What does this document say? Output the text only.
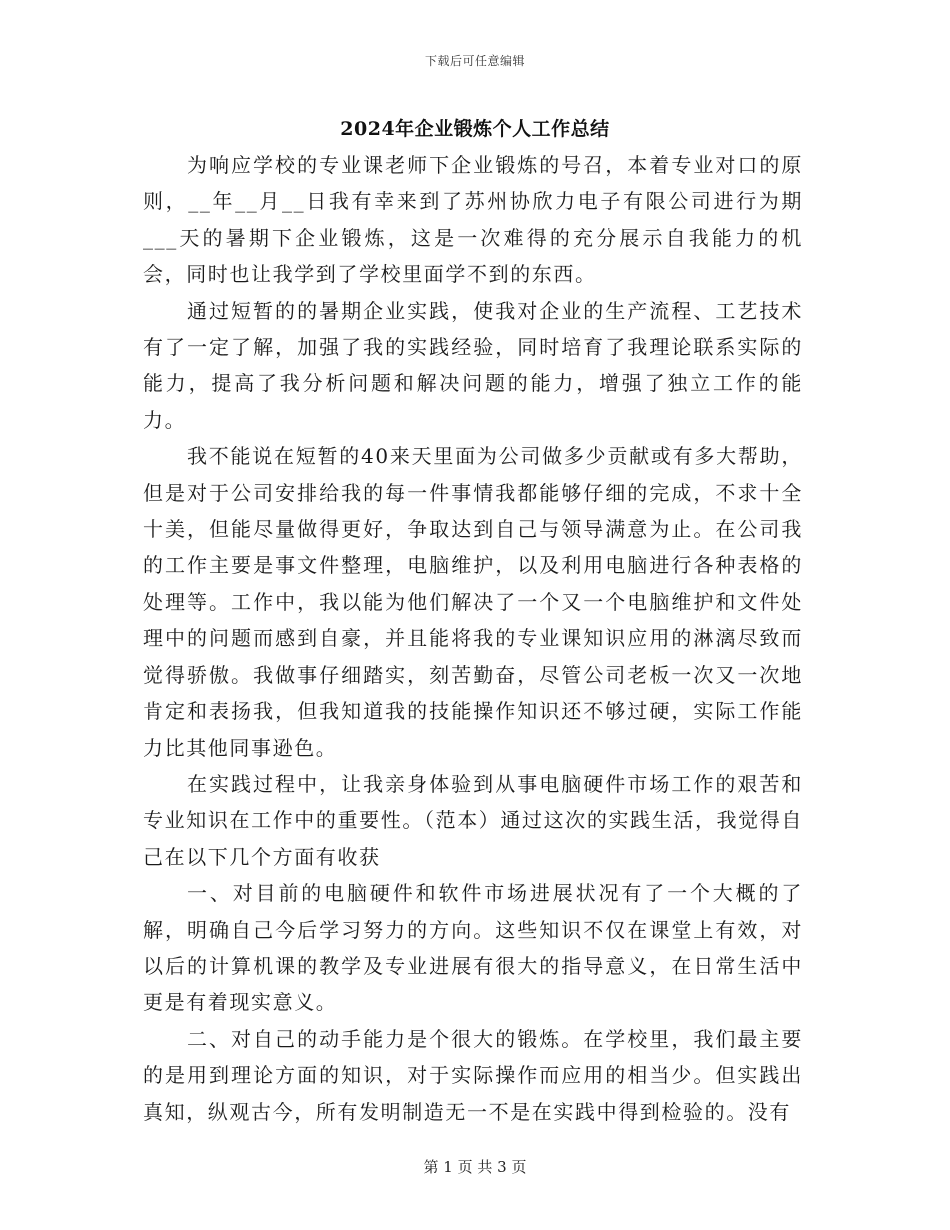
下载后可任意编辑
2024年企业锻炼个人工作总结

为响应学校的专业课老师下企业锻炼的号召，本着专业对口的原则，__年__月__日我有幸来到了苏州协欣力电子有限公司进行为期___天的暑期下企业锻炼，这是一次难得的充分展示自我能力的机会，同时也让我学到了学校里面学不到的东西。

通过短暂的的暑期企业实践，使我对企业的生产流程、工艺技术有了一定了解，加强了我的实践经验，同时培育了我理论联系实际的能力，提高了我分析问题和解决问题的能力，增强了独立工作的能力。

我不能说在短暂的40来天里面为公司做多少贡献或有多大帮助，但是对于公司安排给我的每一件事情我都能够仔细的完成，不求十全十美，但能尽量做得更好，争取达到自己与领导满意为止。在公司我的工作主要是事文件整理，电脑维护，以及利用电脑进行各种表格的处理等。工作中，我以能为他们解决了一个又一个电脑维护和文件处理中的问题而感到自豪，并且能将我的专业课知识应用的淋漓尽致而觉得骄傲。我做事仔细踏实，刻苦勤奋，尽管公司老板一次又一次地肯定和表扬我，但我知道我的技能操作知识还不够过硬，实际工作能力比其他同事逊色。

在实践过程中，让我亲身体验到从事电脑硬件市场工作的艰苦和专业知识在工作中的重要性。（范本）通过这次的实践生活，我觉得自己在以下几个方面有收获

一、对目前的电脑硬件和软件市场进展状况有了一个大概的了解，明确自己今后学习努力的方向。这些知识不仅在课堂上有效，对以后的计算机课的教学及专业进展有很大的指导意义，在日常生活中更是有着现实意义。

二、对自己的动手能力是个很大的锻炼。在学校里，我们最主要的是用到理论方面的知识，对于实际操作而应用的相当少。但实践出真知，纵观古今，所有发明制造无一不是在实践中得到检验的。没有

第 1 页 共 3 页
